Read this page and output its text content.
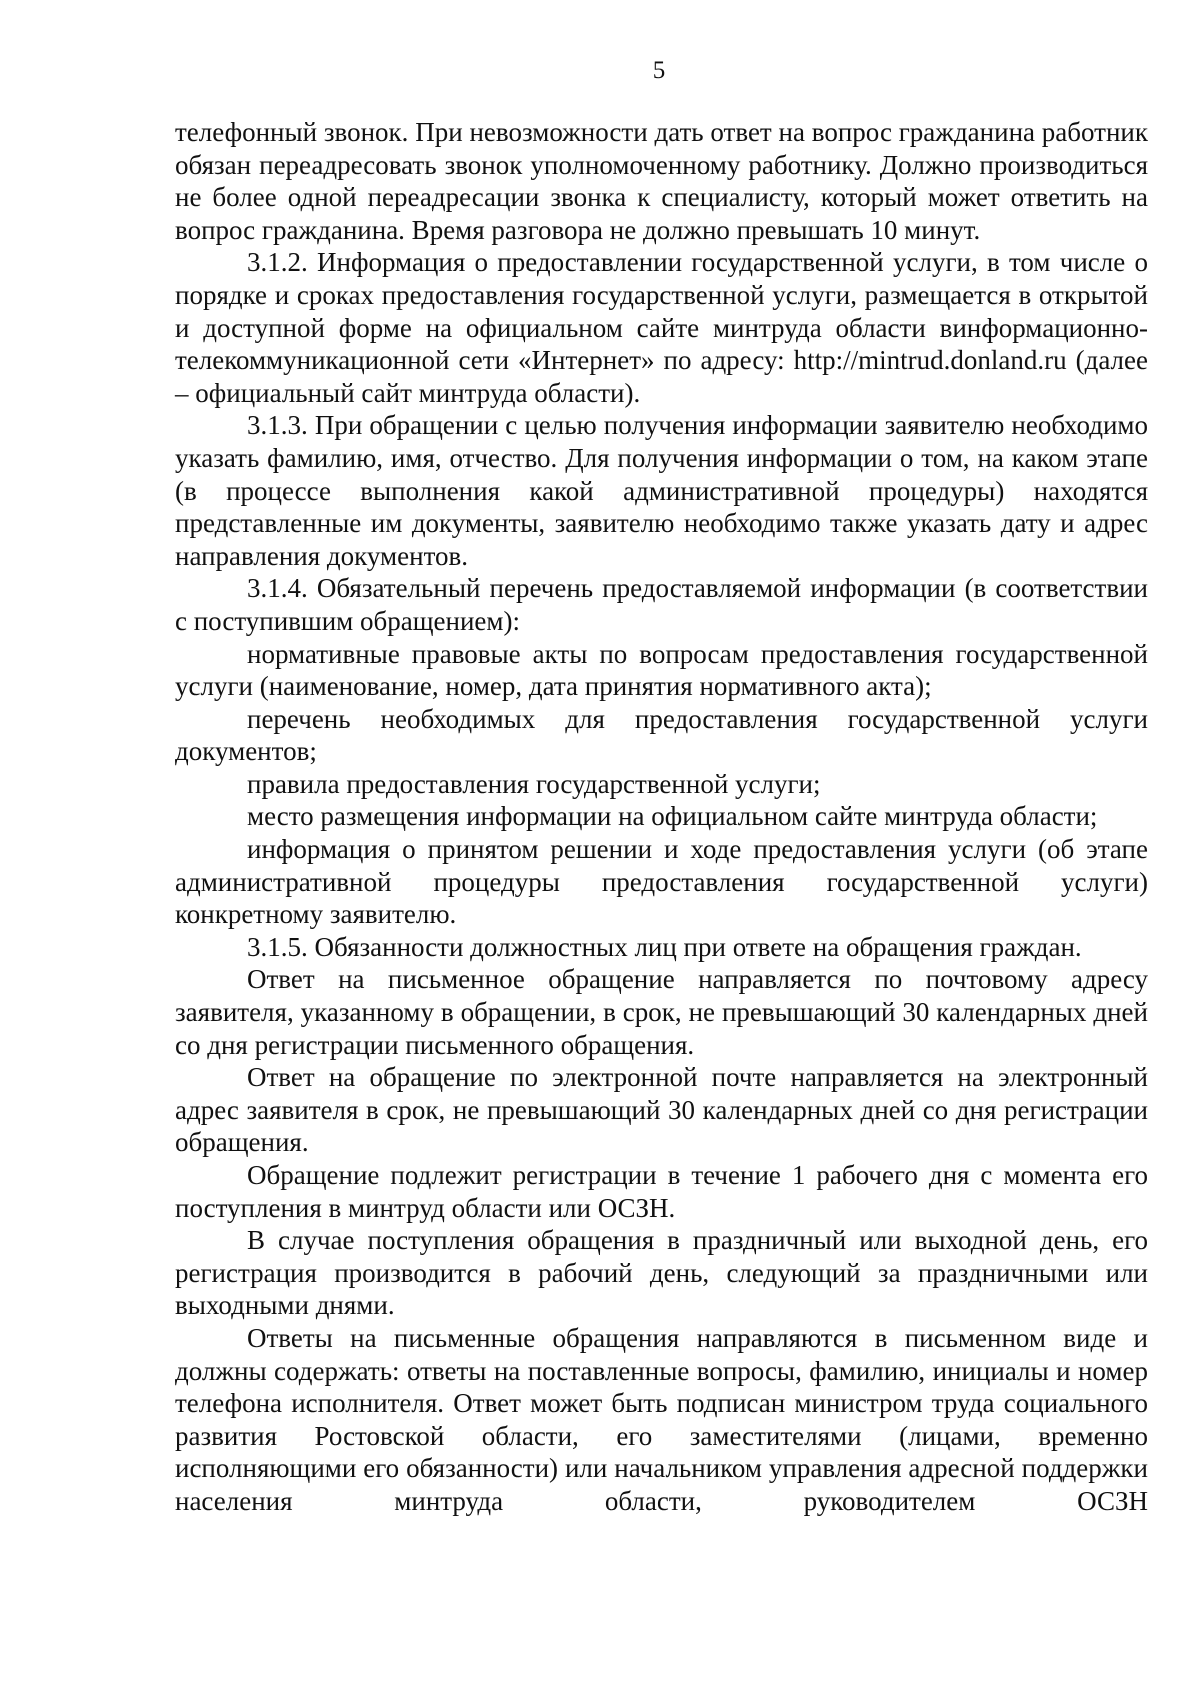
5

телефонный звонок. При невозможности дать ответ на вопрос гражданина работник обязан переадресовать звонок уполномоченному работнику. Должно производиться не более одной переадресации звонка к специалисту, который может ответить на вопрос гражданина. Время разговора не должно превышать 10 минут.

3.1.2. Информация о предоставлении государственной услуги, в том числе о порядке и сроках предоставления государственной услуги, размещается в открытой и доступной форме на официальном сайте минтруда области винформационно-телекоммуникационной сети «Интернет» по адресу: http://mintrud.donland.ru (далее – официальный сайт минтруда области).

3.1.3. При обращении с целью получения информации заявителю необходимо указать фамилию, имя, отчество. Для получения информации о том, на каком этапе (в процессе выполнения какой административной процедуры) находятся представленные им документы, заявителю необходимо также указать дату и адрес направления документов.

3.1.4. Обязательный перечень предоставляемой информации (в соответствии с поступившим обращением):

нормативные правовые акты по вопросам предоставления государственной услуги (наименование, номер, дата принятия нормативного акта);

перечень необходимых для предоставления государственной услуги документов;

правила предоставления государственной услуги;

место размещения информации на официальном сайте минтруда области;

информация о принятом решении и ходе предоставления услуги (об этапе административной процедуры предоставления государственной услуги) конкретному заявителю.

3.1.5. Обязанности должностных лиц при ответе на обращения граждан.

Ответ на письменное обращение направляется по почтовому адресу заявителя, указанному в обращении, в срок, не превышающий 30 календарных дней со дня регистрации письменного обращения.

Ответ на обращение по электронной почте направляется на электронный адрес заявителя в срок, не превышающий 30 календарных дней со дня регистрации обращения.

Обращение подлежит регистрации в течение 1 рабочего дня с момента его поступления в минтруд области или ОСЗН.

В случае поступления обращения в праздничный или выходной день, его регистрация производится в рабочий день, следующий за праздничными или выходными днями.

Ответы на письменные обращения направляются в письменном виде и должны содержать: ответы на поставленные вопросы, фамилию, инициалы и номер телефона исполнителя. Ответ может быть подписан министром труда социального развития Ростовской области, его заместителями (лицами, временно исполняющими его обязанности) или начальником управления адресной поддержки населения минтруда области, руководителем ОСЗН
